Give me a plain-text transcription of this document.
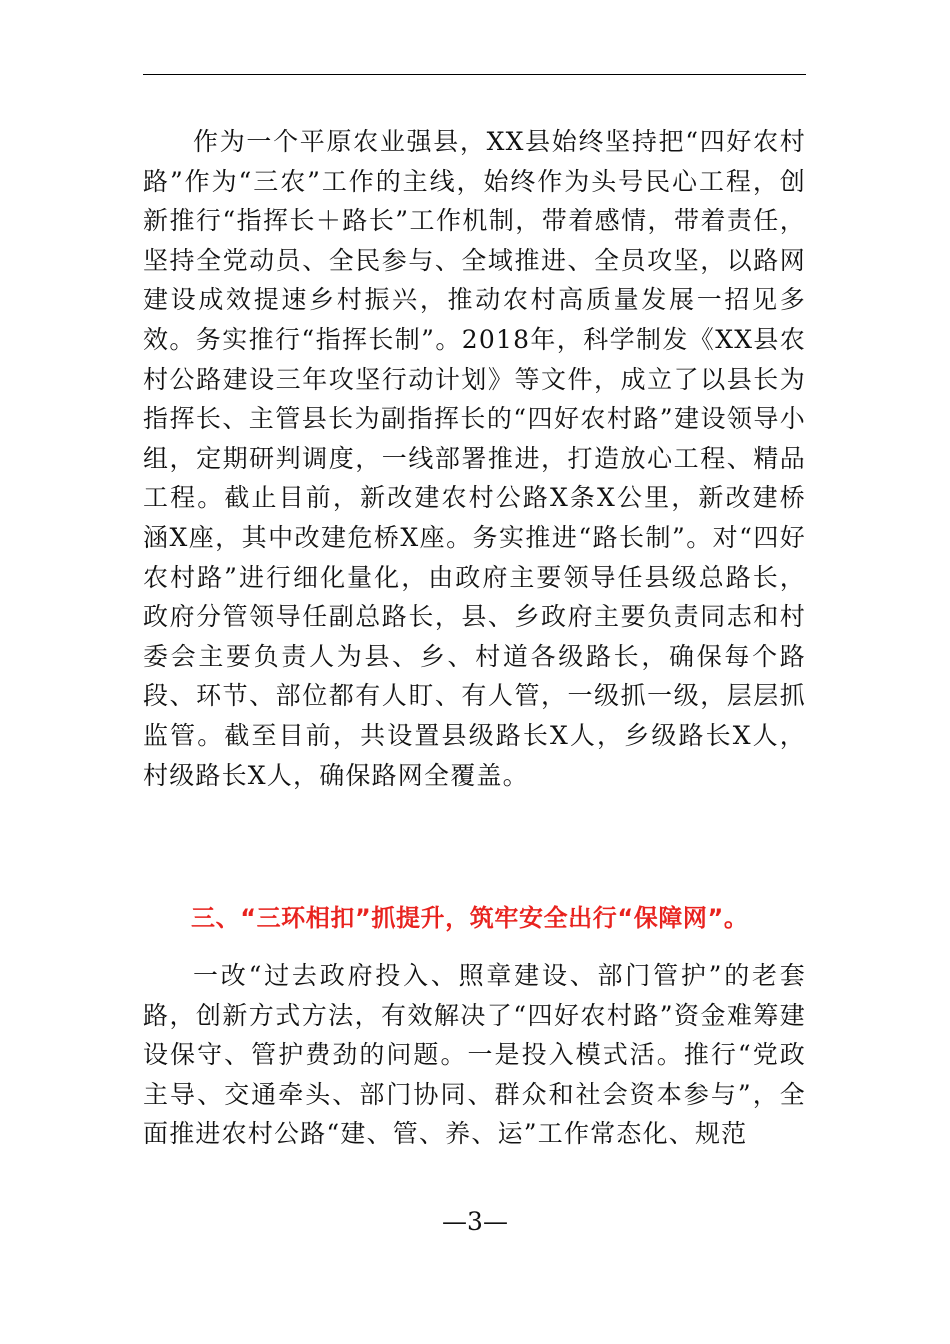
作为一个平原农业强县，XX县始终坚持把“四好农村路”作为“三农”工作的主线，始终作为头号民心工程，创新推行“指挥长＋路长”工作机制，带着感情，带着责任，坚持全党动员、全民参与、全域推进、全员攻坚，以路网建设成效提速乡村振兴，推动农村高质量发展一招见多效。务实推行“指挥长制”。2018年，科学制发《XX县农村公路建设三年攻坚行动计划》等文件，成立了以县长为指挥长、主管县长为副指挥长的“四好农村路”建设领导小组，定期研判调度，一线部署推进，打造放心工程、精品工程。截止目前，新改建农村公路X条X公里，新改建桥涵X座，其中改建危桥X座。务实推进“路长制”。对“四好农村路”进行细化量化，由政府主要领导任县级总路长，政府分管领导任副总路长，县、乡政府主要负责同志和村委会主要负责人为县、乡、村道各级路长，确保每个路段、环节、部位都有人盯、有人管，一级抓一级，层层抓监管。截至目前，共设置县级路长X人，乡级路长X人，村级路长X人，确保路网全覆盖。

三、“三环相扣”抓提升，筑牢安全出行“保障网”。

一改“过去政府投入、照章建设、部门管护”的老套路，创新方式方法，有效解决了“四好农村路”资金难筹建设保守、管护费劲的问题。一是投入模式活。推行“党政主导、交通牵头、部门协同、群众和社会资本参与”，全面推进农村公路“建、管、养、运”工作常态化、规范

—3—
